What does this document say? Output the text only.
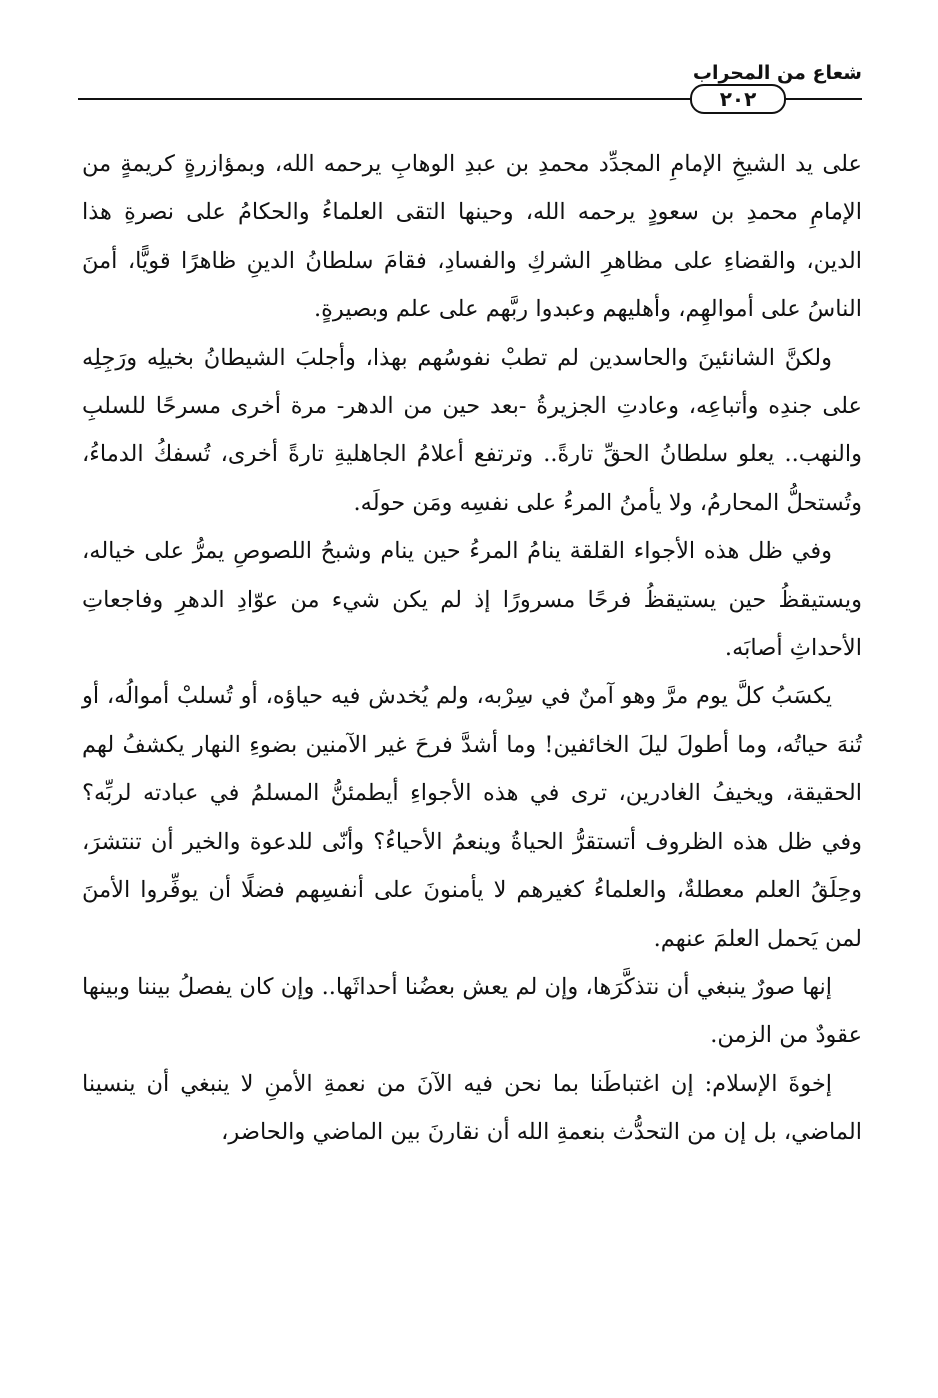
شعاع من المحراب
٢٠٢

على يد الشيخِ الإمامِ المجدِّد محمدِ بن عبدِ الوهابِ يرحمه الله، وبمؤازرةٍ كريمةٍ من الإمامِ محمدِ بن سعودٍ يرحمه الله، وحينها التقى العلماءُ والحكامُ على نصرةِ هذا الدين، والقضاءِ على مظاهرِ الشركِ والفسادِ، فقامَ سلطانُ الدينِ ظاهرًا قويًّا، أمنَ الناسُ على أموالهِم، وأهليهم وعبدوا ربَّهم على علم وبصيرةٍ.

ولكنَّ الشانئينَ والحاسدين لم تطبْ نفوسُهم بهذا، وأجلبَ الشيطانُ بخيلِه ورَجِلِه على جندِه وأتباعِه، وعادتِ الجزيرةُ -بعد حين من الدهر- مرة أخرى مسرحًا للسلبِ والنهب.. يعلو سلطانُ الحقِّ تارةً.. وترتفع أعلامُ الجاهليةِ تارةً أخرى، تُسفكُ الدماءُ، وتُستحلُّ المحارمُ، ولا يأمنُ المرءُ على نفسِه ومَن حولَه.

وفي ظل هذه الأجواء القلقة ينامُ المرءُ حين ينام وشبحُ اللصوصِ يمرُّ على خياله، ويستيقظُ حين يستيقظُ فرحًا مسرورًا إذ لم يكن شيء من عوّادِ الدهرِ وفاجعاتِ الأحداثِ أصابَه.

يكسَبُ كلَّ يوم مرَّ وهو آمنٌ في سِرْبه، ولم يُخدش فيه حياؤه، أو تُسلبْ أموالُه، أو تُنهَ حياتُه، وما أطولَ ليلَ الخائفين! وما أشدَّ فرحَ غير الآمنين بضوءِ النهار يكشفُ لهم الحقيقة، ويخيفُ الغادرين، ترى في هذه الأجواءِ أيطمئنُّ المسلمُ في عبادته لربِّه؟ وفي ظل هذه الظروف أتستقرُّ الحياةُ وينعمُ الأحياءُ؟ وأنّى للدعوة والخير أن تنتشرَ، وحِلَقُ العلم معطلةٌ، والعلماءُ كغيرهم لا يأمنونَ على أنفسِهم فضلًا أن يوفِّروا الأمنَ لمن يَحمل العلمَ عنهم.

إنها صورٌ ينبغي أن نتذكَّرَها، وإن لم يعش بعضُنا أحداثَها.. وإن كان يفصلُ بيننا وبينها عقودٌ من الزمن.

إخوةَ الإسلام: إن اغتباطَنا بما نحن فيه الآنَ من نعمةِ الأمنِ لا ينبغي أن ينسينا الماضي، بل إن من التحدُّث بنعمةِ الله أن نقارنَ بين الماضي والحاضر،
